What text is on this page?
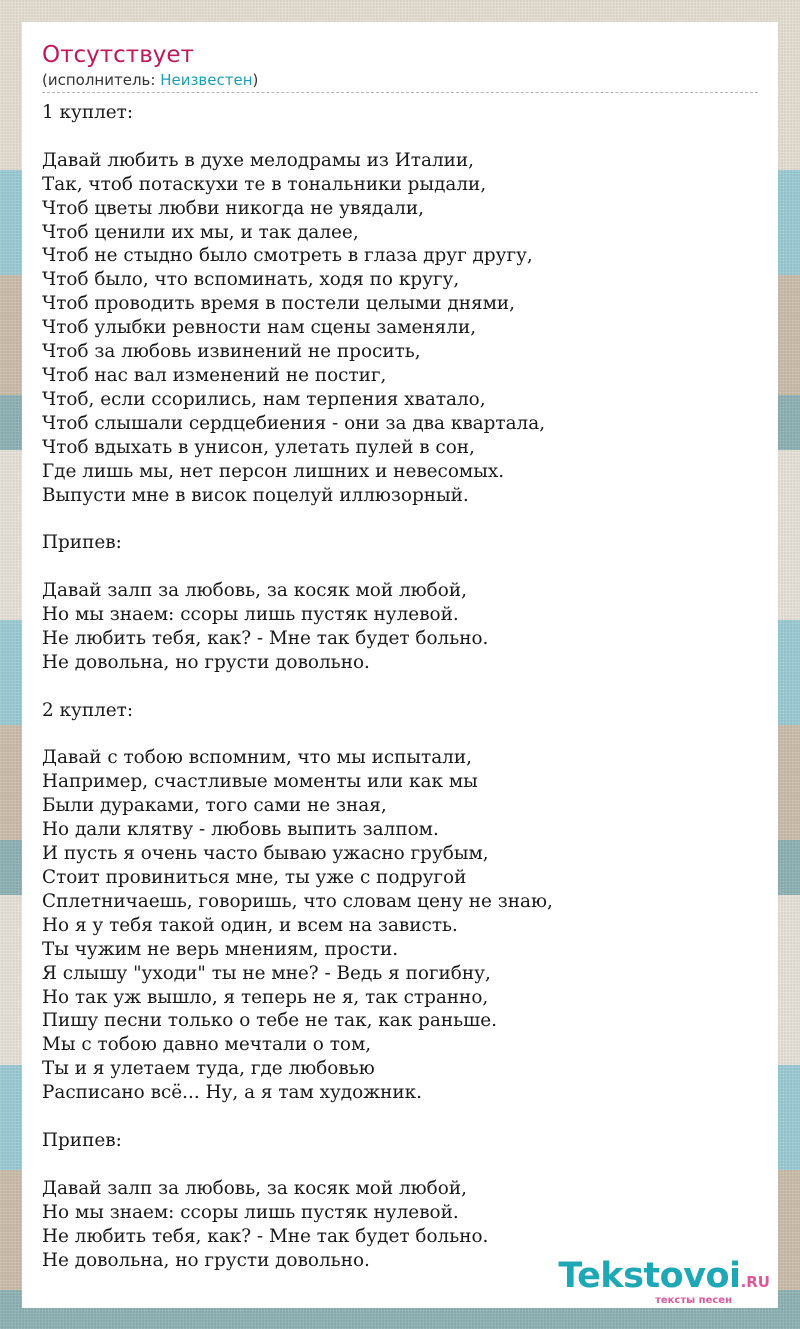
Отсутствует
(исполнитель: Неизвестен)
1 куплет:

Давай любить в духе мелодрамы из Италии,
Так, чтоб потаскухи те в тональники рыдали,
Чтоб цветы любви никогда не увядали,
Чтоб ценили их мы, и так далее,
Чтоб не стыдно было смотреть в глаза друг другу,
Чтоб было, что вспоминать, ходя по кругу,
Чтоб проводить время в постели целыми днями,
Чтоб улыбки ревности нам сцены заменяли,
Чтоб за любовь извинений не просить,
Чтоб нас вал изменений не постиг,
Чтоб, если ссорились, нам терпения хватало,
Чтоб слышали сердцебиения - они за два квартала,
Чтоб вдыхать в унисон, улетать пулей в сон,
Где лишь мы, нет персон лишних и невесомых.
Выпусти мне в висок поцелуй иллюзорный.

Припев:

Давай залп за любовь, за косяк мой любой,
Но мы знаем: ссоры лишь пустяк нулевой.
Не любить тебя, как? - Мне так будет больно.
Не довольна, но грусти довольно.

2 куплет:

Давай с тобою вспомним, что мы испытали,
Например, счастливые моменты или как мы
Были дураками, того сами не зная,
Но дали клятву - любовь выпить залпом.
И пусть я очень часто бываю ужасно грубым,
Стоит провиниться мне, ты уже с подругой
Сплетничаешь, говоришь, что словам цену не знаю,
Но я у тебя такой один, и всем на зависть.
Ты чужим не верь мнениям, прости.
Я слышу "уходи" ты не мне? - Ведь я погибну,
Но так уж вышло, я теперь не я, так странно,
Пишу песни только о тебе не так, как раньше.
Мы с тобою давно мечтали о том,
Ты и я улетаем туда, где любовью
Расписано всё... Ну, а я там художник.

Припев:

Давай залп за любовь, за косяк мой любой,
Но мы знаем: ссоры лишь пустяк нулевой.
Не любить тебя, как? - Мне так будет больно.
Не довольна, но грусти довольно.	Tekstovoi.RU
тексты песен
